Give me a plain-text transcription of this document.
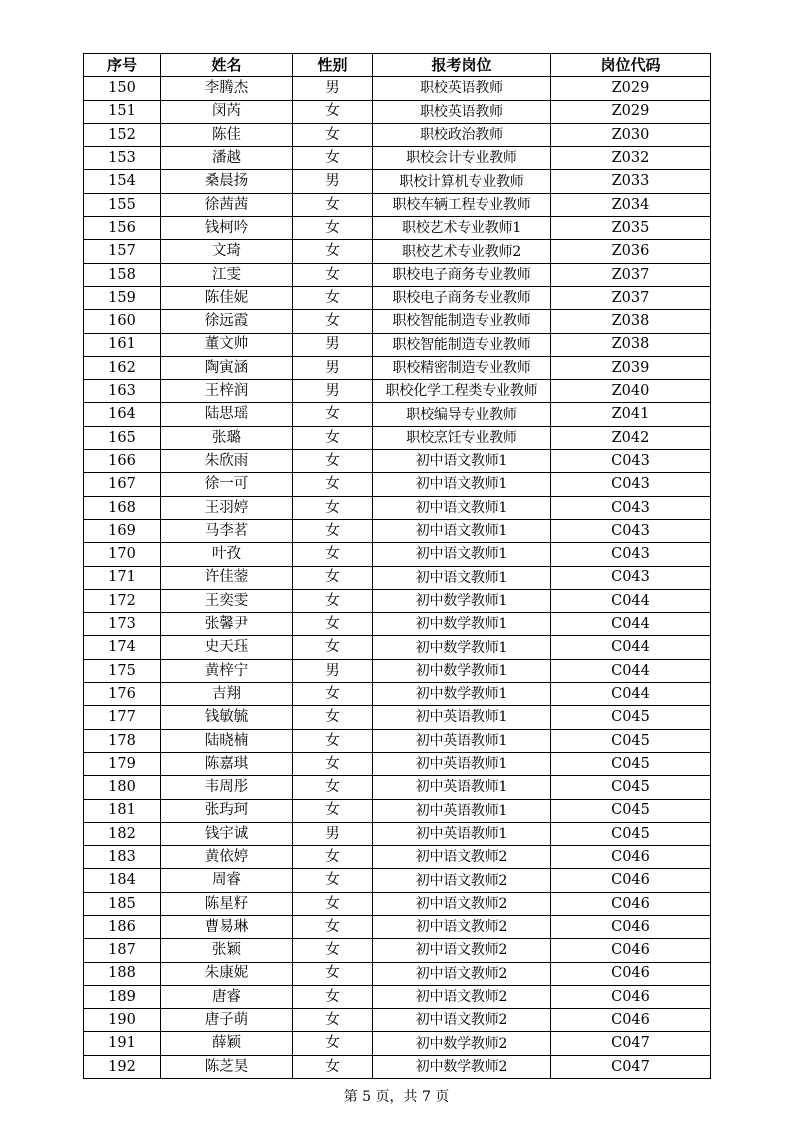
序号	姓名	性别	报考岗位	岗位代码
150	李腾杰	男	职校英语教师	Z029
151	闵芮	女	职校英语教师	Z029
152	陈佳	女	职校政治教师	Z030
153	潘越	女	职校会计专业教师	Z032
154	桑晨扬	男	职校计算机专业教师	Z033
155	徐茜茜	女	职校车辆工程专业教师	Z034
156	钱柯吟	女	职校艺术专业教师1	Z035
157	文琦	女	职校艺术专业教师2	Z036
158	江雯	女	职校电子商务专业教师	Z037
159	陈佳妮	女	职校电子商务专业教师	Z037
160	徐远霞	女	职校智能制造专业教师	Z038
161	董文帅	男	职校智能制造专业教师	Z038
162	陶寅涵	男	职校精密制造专业教师	Z039
163	王梓润	男	职校化学工程类专业教师	Z040
164	陆思瑶	女	职校编导专业教师	Z041
165	张璐	女	职校烹饪专业教师	Z042
166	朱欣雨	女	初中语文教师1	C043
167	徐一可	女	初中语文教师1	C043
168	王羽婷	女	初中语文教师1	C043
169	马李茗	女	初中语文教师1	C043
170	叶孜	女	初中语文教师1	C043
171	许佳蓥	女	初中语文教师1	C043
172	王奕雯	女	初中数学教师1	C044
173	张馨尹	女	初中数学教师1	C044
174	史天珏	女	初中数学教师1	C044
175	黄梓宁	男	初中数学教师1	C044
176	吉翔	女	初中数学教师1	C044
177	钱敏毓	女	初中英语教师1	C045
178	陆晓楠	女	初中英语教师1	C045
179	陈嘉琪	女	初中英语教师1	C045
180	韦周彤	女	初中英语教师1	C045
181	张玙珂	女	初中英语教师1	C045
182	钱宇诚	男	初中英语教师1	C045
183	黄依婷	女	初中语文教师2	C046
184	周睿	女	初中语文教师2	C046
185	陈星籽	女	初中语文教师2	C046
186	曹易琳	女	初中语文教师2	C046
187	张颖	女	初中语文教师2	C046
188	朱康妮	女	初中语文教师2	C046
189	唐睿	女	初中语文教师2	C046
190	唐子萌	女	初中语文教师2	C046
191	薛颖	女	初中数学教师2	C047
192	陈芝昊	女	初中数学教师2	C047
第 5 页，共 7 页
